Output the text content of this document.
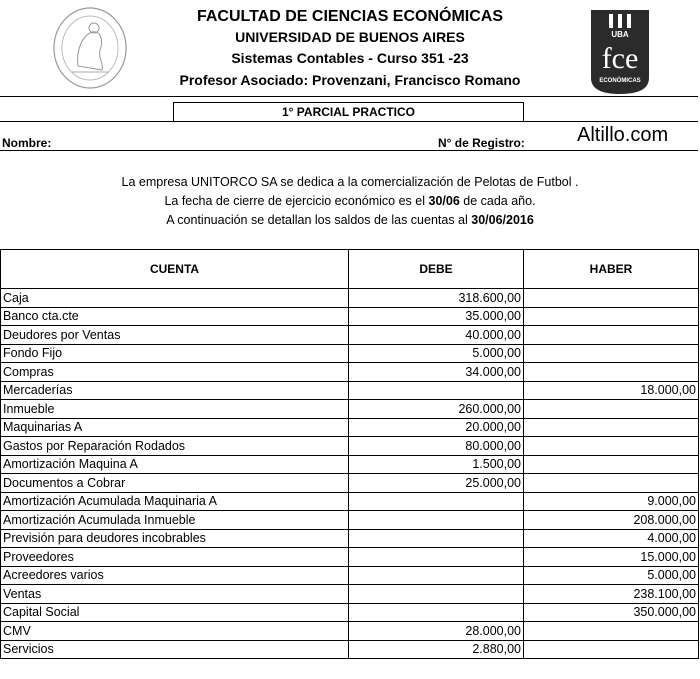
UBA
fce
ECONÓMICAS
FACULTAD DE CIENCIAS ECONÓMICAS
UNIVERSIDAD DE BUENOS AIRES
Sistemas Contables - Curso 351 -23
Profesor Asociado: Provenzani, Francisco Romano
1° PARCIAL PRACTICO
Nombre:	N° de Registro:	Altillo.com
La empresa UNITORCO SA se dedica a la comercialización de Pelotas de Futbol .
La fecha de cierre de ejercicio económico es el 30/06 de cada año.
A continuación se detallan los saldos de las cuentas al 30/06/2016
CUENTA	DEBE	HABER
Caja	318.600,00	
Banco cta.cte	35.000,00	
Deudores por Ventas	40.000,00	
Fondo Fijo	5.000,00	
Compras	34.000,00	
Mercaderías		18.000,00
Inmueble	260.000,00	
Maquinarias A	20.000,00	
Gastos por Reparación Rodados	80.000,00	
Amortización Maquina A	1.500,00	
Documentos a Cobrar	25.000,00	
Amortización Acumulada Maquinaria A		9.000,00
Amortización Acumulada Inmueble		208.000,00
Previsión para deudores incobrables		4.000,00
Proveedores		15.000,00
Acreedores varios		5.000,00
Ventas		238.100,00
Capital Social		350.000,00
CMV	28.000,00	
Servicios	2.880,00	
